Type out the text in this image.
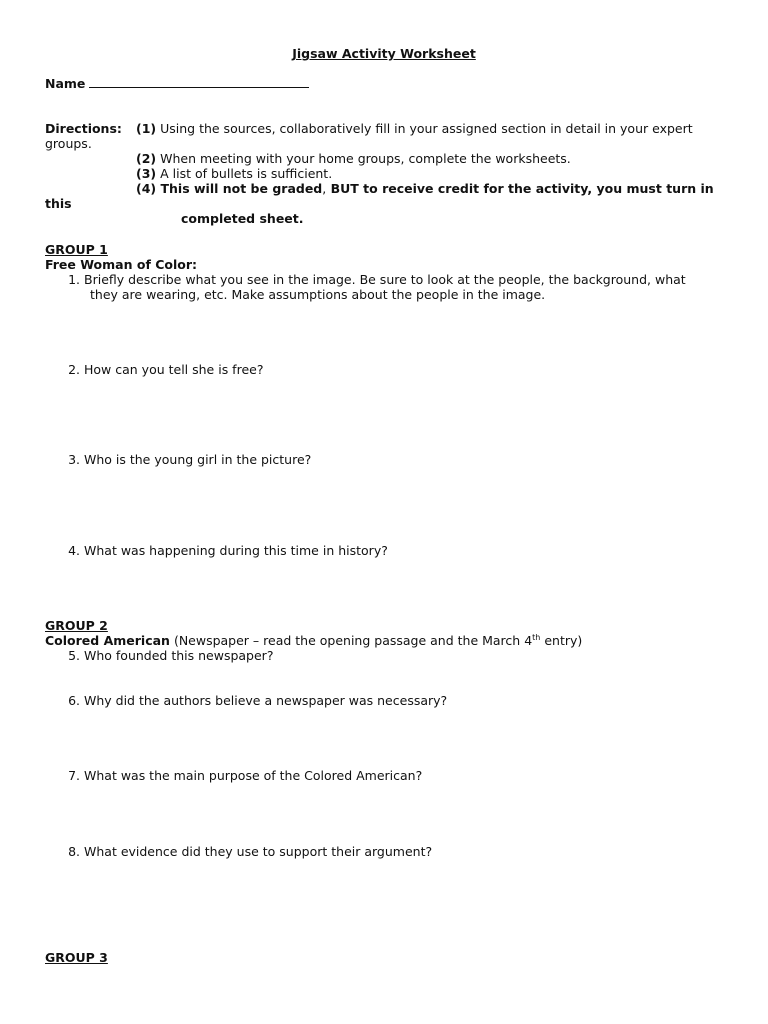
Jigsaw Activity Worksheet
Name
Directions: (1) Using the sources, collaboratively fill in your assigned section in detail in your expert
groups.
(2) When meeting with your home groups, complete the worksheets.
(3) A list of bullets is sufficient.
(4) This will not be graded, BUT to receive credit for the activity, you must turn in
this
completed sheet.
GROUP 1
Free Woman of Color:
1. Briefly describe what you see in the image. Be sure to look at the people, the background, what
they are wearing, etc. Make assumptions about the people in the image.
2. How can you tell she is free?
3. Who is the young girl in the picture?
4. What was happening during this time in history?
GROUP 2
Colored American (Newspaper – read the opening passage and the March 4th entry)
5. Who founded this newspaper?
6. Why did the authors believe a newspaper was necessary?
7. What was the main purpose of the Colored American?
8. What evidence did they use to support their argument?
GROUP 3
